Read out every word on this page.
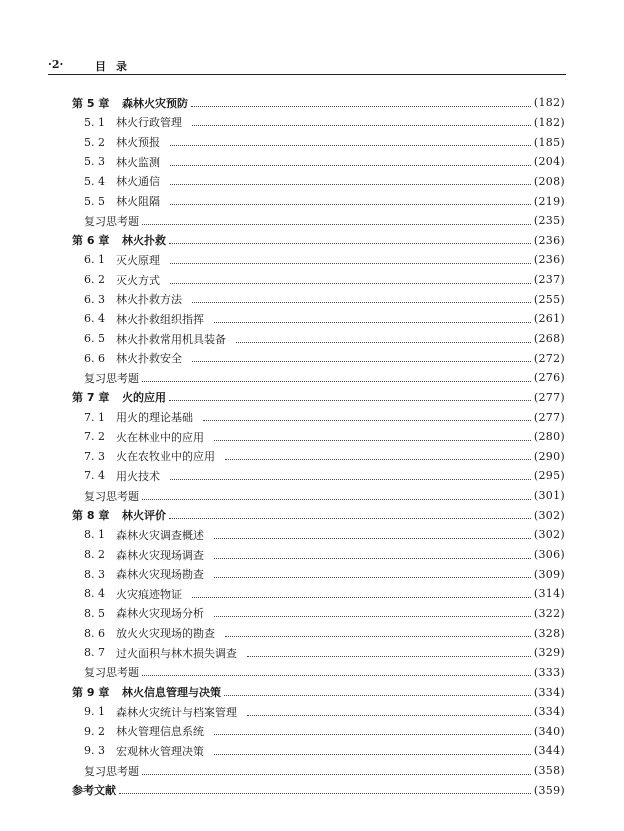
·2·	目录
第 5 章	森林火灾预防	(182)
5. 1	林火行政管理	(182)
5. 2	林火预报	(185)
5. 3	林火监测	(204)
5. 4	林火通信	(208)
5. 5	林火阻隔	(219)
复习思考题	(235)
第 6 章	林火扑救	(236)
6. 1	灭火原理	(236)
6. 2	灭火方式	(237)
6. 3	林火扑救方法	(255)
6. 4	林火扑救组织指挥	(261)
6. 5	林火扑救常用机具装备	(268)
6. 6	林火扑救安全	(272)
复习思考题	(276)
第 7 章	火的应用	(277)
7. 1	用火的理论基础	(277)
7. 2	火在林业中的应用	(280)
7. 3	火在农牧业中的应用	(290)
7. 4	用火技术	(295)
复习思考题	(301)
第 8 章	林火评价	(302)
8. 1	森林火灾调查概述	(302)
8. 2	森林火灾现场调查	(306)
8. 3	森林火灾现场勘查	(309)
8. 4	火灾痕迹物证	(314)
8. 5	森林火灾现场分析	(322)
8. 6	放火火灾现场的勘查	(328)
8. 7	过火面积与林木损失调查	(329)
复习思考题	(333)
第 9 章	林火信息管理与决策	(334)
9. 1	森林火灾统计与档案管理	(334)
9. 2	林火管理信息系统	(340)
9. 3	宏观林火管理决策	(344)
复习思考题	(358)
参考文献	(359)
